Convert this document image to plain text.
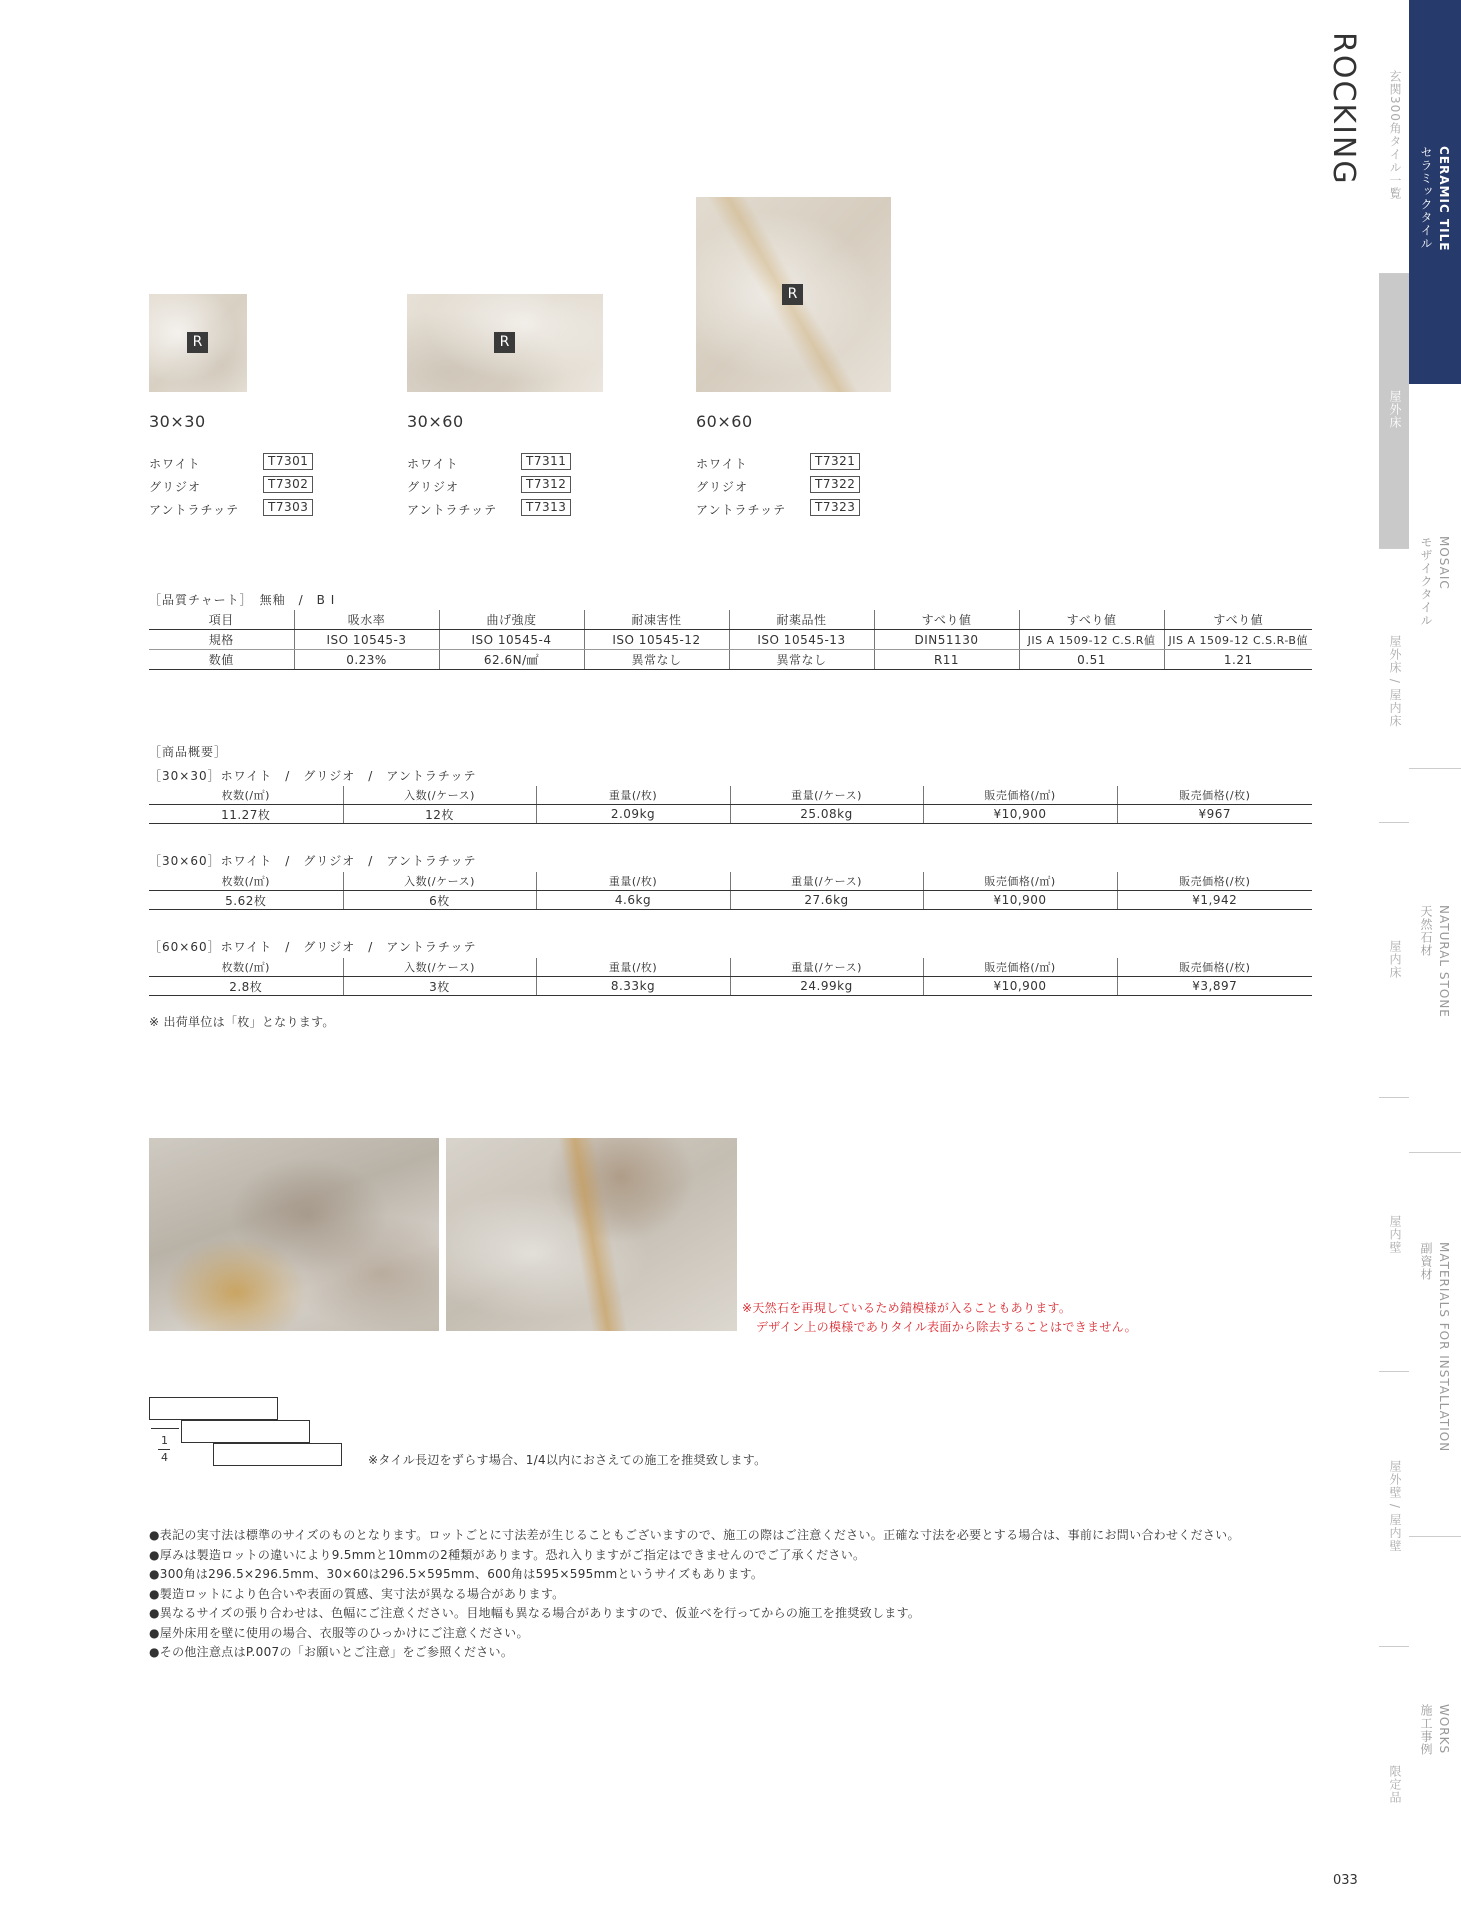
ROCKING
R	R
R
30×30	30×60	60×60
ホワイト	T7301
グリジオ	T7302
アントラチッテ	T7303
ホワイト	T7311
グリジオ	T7312
アントラチッテ	T7313
ホワイト	T7321
グリジオ	T7322
アントラチッテ	T7323
［品質チャート］　無釉　/　B I
項目	吸水率	曲げ強度	耐凍害性	耐薬品性	すべり値	すべり値	すべり値
規格	ISO 10545-3	ISO 10545-4	ISO 10545-12	ISO 10545-13	DIN51130	JIS A 1509-12 C.S.R値	JIS A 1509-12 C.S.R-B値
数値	0.23%	62.6N/㎟	異常なし	異常なし	R11	0.51	1.21
［商品概要］
［30×30］ホワイト　/　グリジオ　/　アントラチッテ
枚数(/㎡)	入数(/ケース)	重量(/枚)	重量(/ケース)	販売価格(/㎡)	販売価格(/枚)
11.27枚	12枚	2.09kg	25.08kg	¥10,900	¥967
［30×60］ホワイト　/　グリジオ　/　アントラチッテ
枚数(/㎡)	入数(/ケース)	重量(/枚)	重量(/ケース)	販売価格(/㎡)	販売価格(/枚)
5.62枚	6枚	4.6kg	27.6kg	¥10,900	¥1,942
［60×60］ホワイト　/　グリジオ　/　アントラチッテ
枚数(/㎡)	入数(/ケース)	重量(/枚)	重量(/ケース)	販売価格(/㎡)	販売価格(/枚)
2.8枚	3枚	8.33kg	24.99kg	¥10,900	¥3,897
※ 出荷単位は「枚」となります。
※天然石を再現しているため錆模様が入ることもあります。
デザイン上の模様でありタイル表面から除去することはできません。
1
4	※タイル長辺をずらす場合、1/4以内におさえての施工を推奨致します。
●表記の実寸法は標準のサイズのものとなります。ロットごとに寸法差が生じることもございますので、施工の際はご注意ください。正確な寸法を必要とする場合は、事前にお問い合わせください。
●厚みは製造ロットの違いにより9.5mmと10mmの2種類があります。恐れ入りますがご指定はできませんのでご了承ください。
●300角は296.5×296.5mm、30×60は296.5×595mm、600角は595×595mmというサイズもあります。
●製造ロットにより色合いや表面の質感、実寸法が異なる場合があります。
●異なるサイズの張り合わせは、色幅にご注意ください。目地幅も異なる場合がありますので、仮並べを行ってからの施工を推奨致します。
●屋外床用を壁に使用の場合、衣服等のひっかけにご注意ください。
●その他注意点はP.007の「お願いとご注意」をご参照ください。
033
玄関300角タイル一覧
屋外床
屋外床 / 屋内床
屋内床
屋内壁
屋外壁 / 屋内壁
限定品
CERAMIC TILE
セラミックタイル
MOSAIC
モザイクタイル
NATURAL STONE
天然石材
MATERIALS FOR INSTALLATION
副資材
WORKS
施工事例
